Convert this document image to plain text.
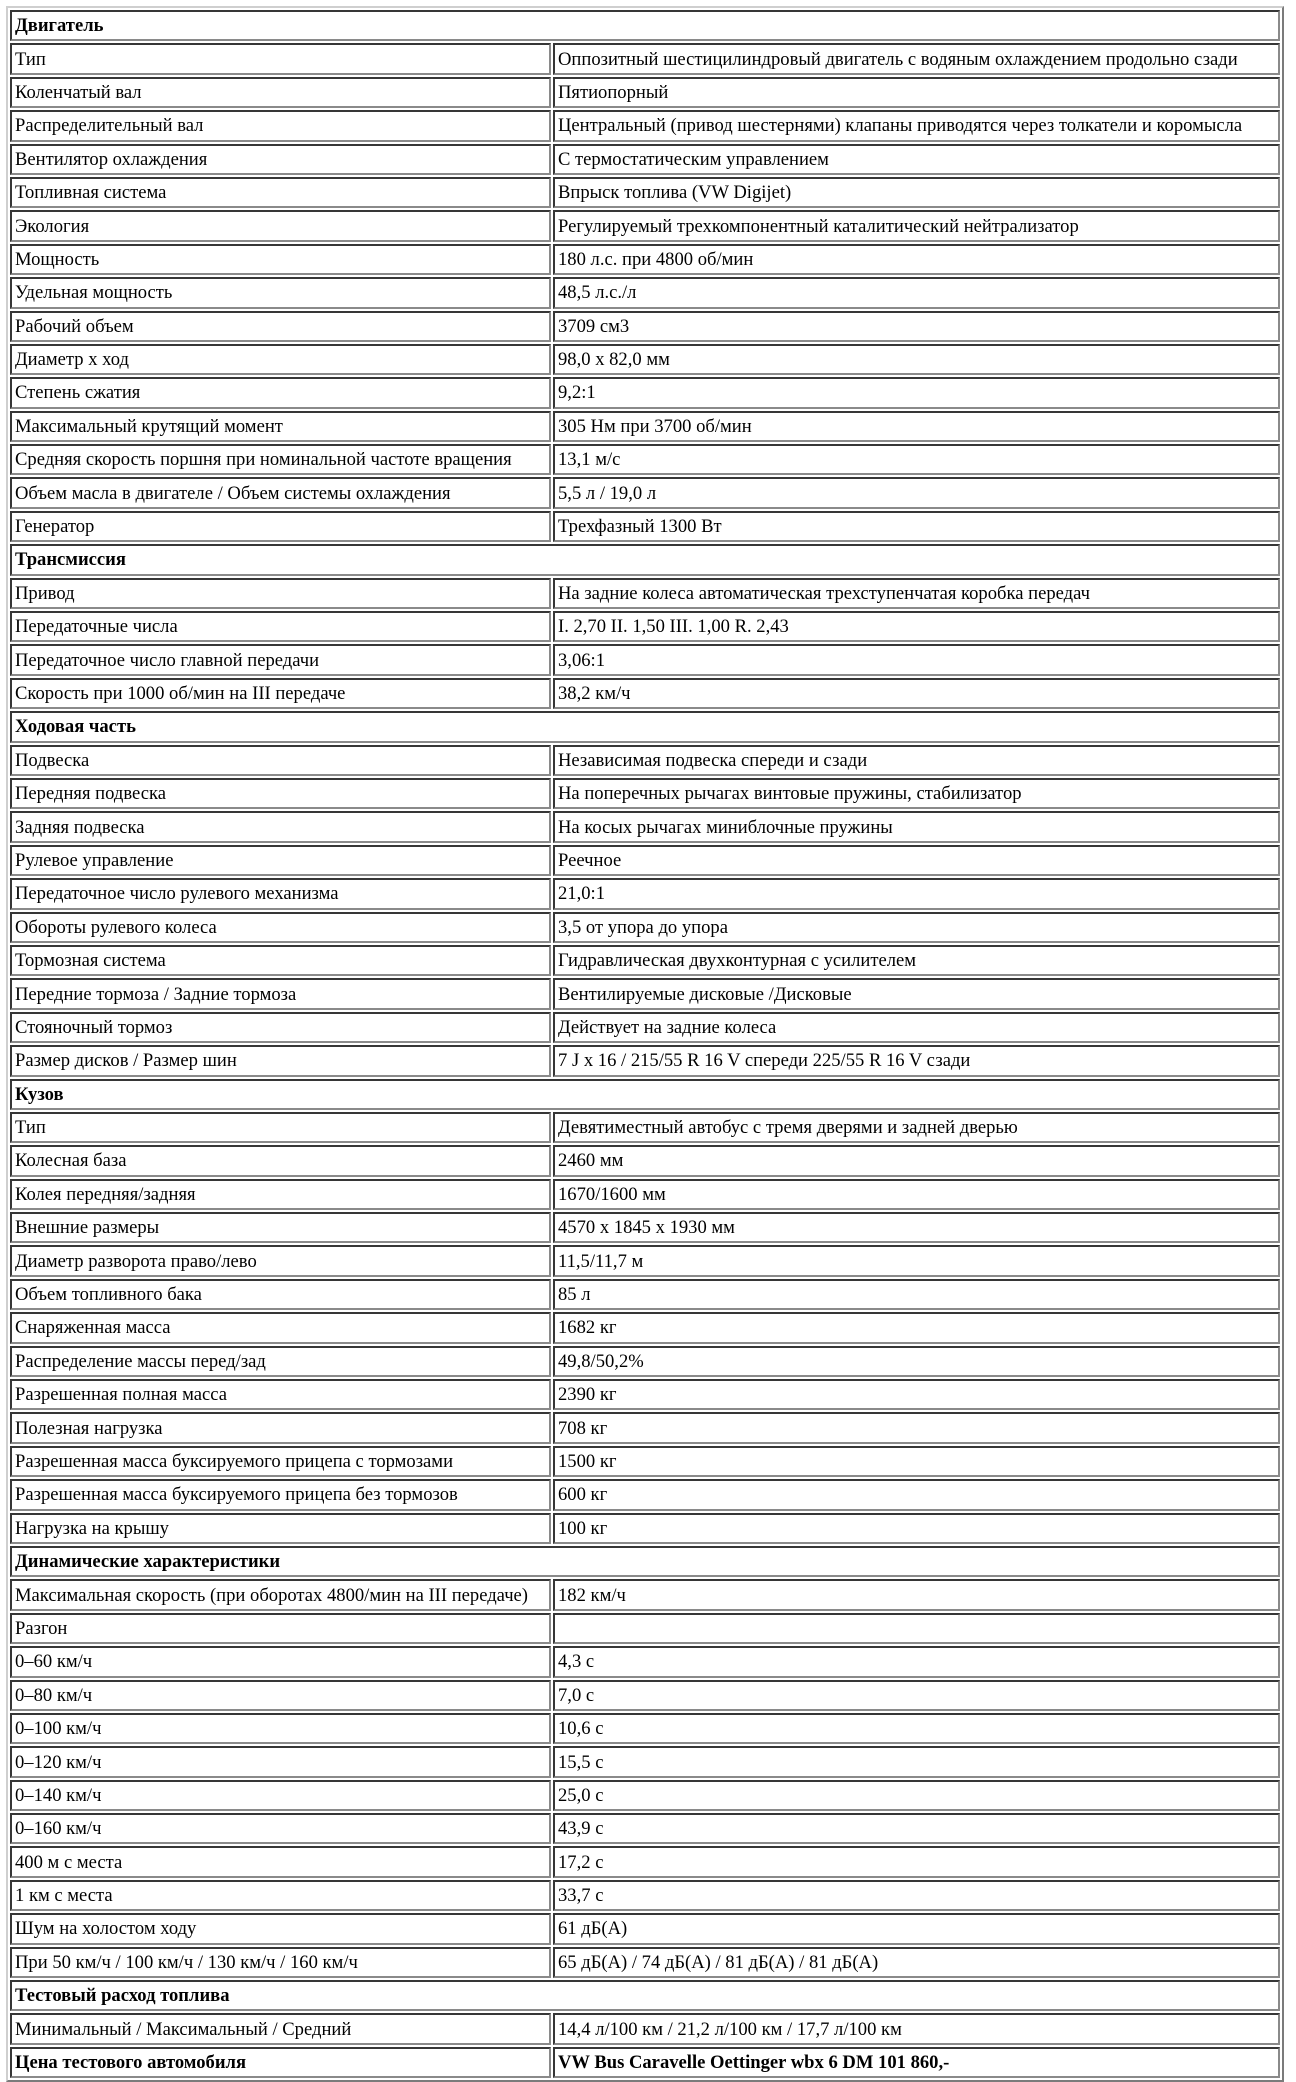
Двигатель	
Тип	Оппозитный шестицилиндровый двигатель с водяным охлаждением продольно сзади
Коленчатый вал	Пятиопорный
Распределительный вал	Центральный (привод шестернями) клапаны приводятся через толкатели и коромысла
Вентилятор охлаждения	С термостатическим управлением
Топливная система	Впрыск топлива (VW Digijet)
Экология	Регулируемый трехкомпонентный каталитический нейтрализатор
Мощность	180 л.с. при 4800 об/мин
Удельная мощность	48,5 л.с./л
Рабочий объем	3709 см3
Диаметр x ход	98,0 x 82,0 мм
Степень сжатия	9,2:1
Максимальный крутящий момент	305 Нм при 3700 об/мин
Средняя скорость поршня при номинальной частоте вращения	13,1 м/с
Объем масла в двигателе / Объем системы охлаждения	5,5 л / 19,0 л
Генератор	Трехфазный 1300 Вт
Трансмиссия	
Привод	На задние колеса автоматическая трехступенчатая коробка передач
Передаточные числа	I. 2,70 II. 1,50 III. 1,00 R. 2,43
Передаточное число главной передачи	3,06:1
Скорость при 1000 об/мин на III передаче	38,2 км/ч
Ходовая часть	
Подвеска	Независимая подвеска спереди и сзади
Передняя подвеска	На поперечных рычагах винтовые пружины, стабилизатор
Задняя подвеска	На косых рычагах миниблочные пружины
Рулевое управление	Реечное
Передаточное число рулевого механизма	21,0:1
Обороты рулевого колеса	3,5 от упора до упора
Тормозная система	Гидравлическая двухконтурная с усилителем
Передние тормоза / Задние тормоза	Вентилируемые дисковые /Дисковые
Стояночный тормоз	Действует на задние колеса
Размер дисков / Размер шин	7 J x 16 / 215/55 R 16 V спереди 225/55 R 16 V сзади
Кузов	
Тип	Девятиместный автобус с тремя дверями и задней дверью
Колесная база	2460 мм
Колея передняя/задняя	1670/1600 мм
Внешние размеры	4570 x 1845 x 1930 мм
Диаметр разворота право/лево	11,5/11,7 м
Объем топливного бака	85 л
Снаряженная масса	1682 кг
Распределение массы перед/зад	49,8/50,2%
Разрешенная полная масса	2390 кг
Полезная нагрузка	708 кг
Разрешенная масса буксируемого прицепа с тормозами	1500 кг
Разрешенная масса буксируемого прицепа без тормозов	600 кг
Нагрузка на крышу	100 кг
Динамические характеристики	
Максимальная скорость (при оборотах 4800/мин на III передаче)	182 км/ч
Разгон	
0–60 км/ч	4,3 с
0–80 км/ч	7,0 с
0–100 км/ч	10,6 с
0–120 км/ч	15,5 с
0–140 км/ч	25,0 с
0–160 км/ч	43,9 с
400 м с места	17,2 с
1 км с места	33,7 с
Шум на холостом ходу	61 дБ(A)
При 50 км/ч / 100 км/ч / 130 км/ч / 160 км/ч	65 дБ(A) / 74 дБ(A) / 81 дБ(A) / 81 дБ(A)
Тестовый расход топлива	
Минимальный / Максимальный / Средний	14,4 л/100 км / 21,2 л/100 км / 17,7 л/100 км
Цена тестового автомобиля	VW Bus Caravelle Oettinger wbx 6 DM 101 860,-
